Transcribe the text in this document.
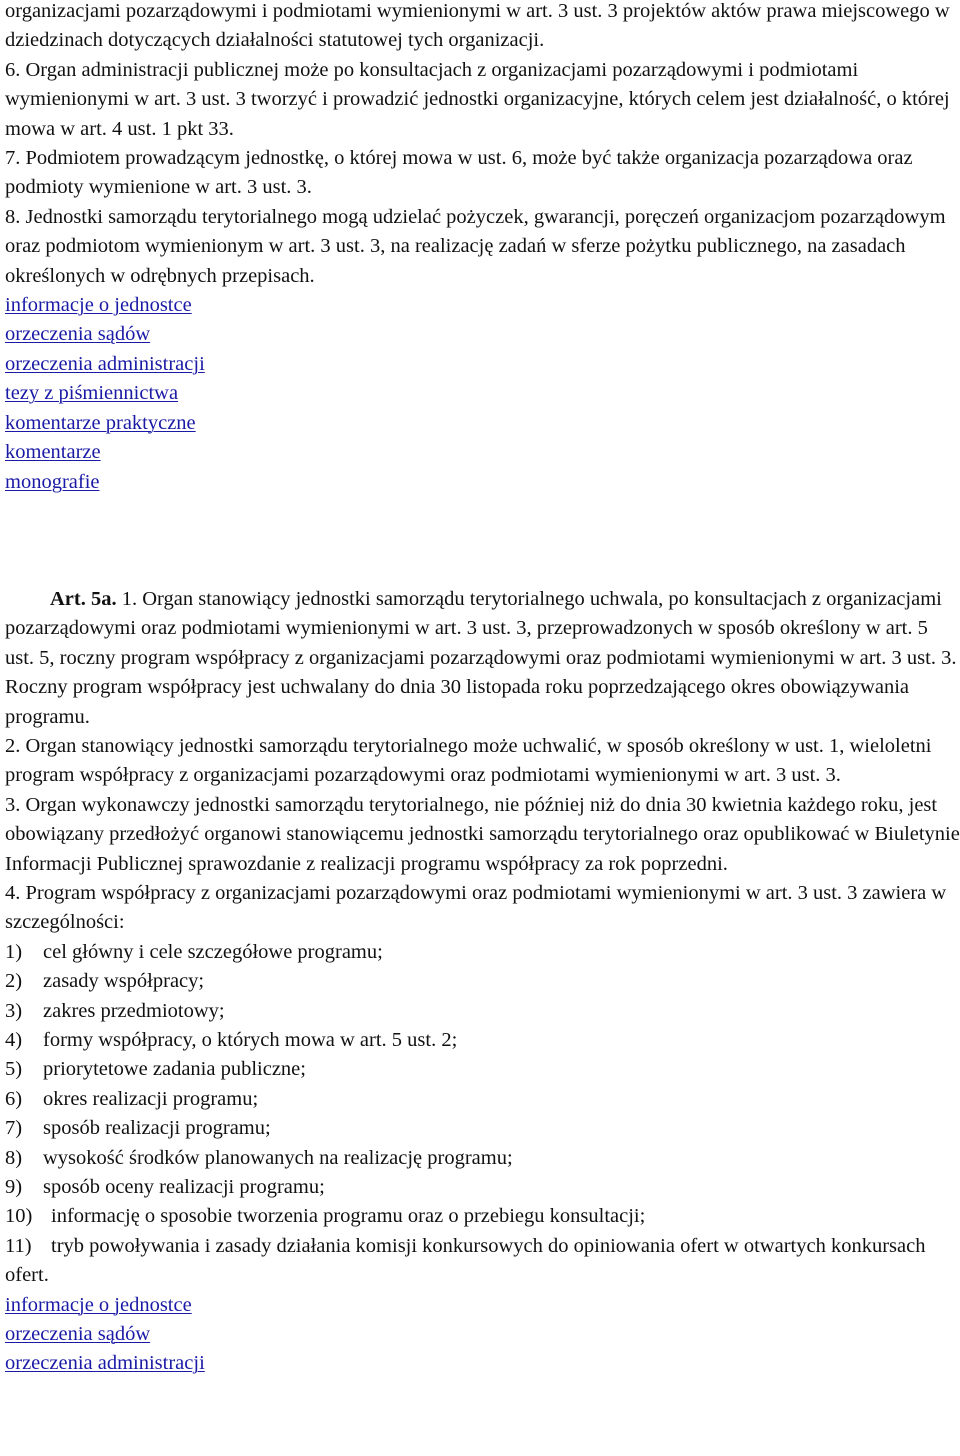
organizacjami pozarządowymi i podmiotami wymienionymi w art. 3 ust. 3 projektów aktów prawa miejscowego w dziedzinach dotyczących działalności statutowej tych organizacji.

6. Organ administracji publicznej może po konsultacjach z organizacjami pozarządowymi i podmiotami wymienionymi w art. 3 ust. 3 tworzyć i prowadzić jednostki organizacyjne, których celem jest działalność, o której mowa w art. 4 ust. 1 pkt 33.

7. Podmiotem prowadzącym jednostkę, o której mowa w ust. 6, może być także organizacja pozarządowa oraz podmioty wymienione w art. 3 ust. 3.

8. Jednostki samorządu terytorialnego mogą udzielać pożyczek, gwarancji, poręczeń organizacjom pozarządowym oraz podmiotom wymienionym w art. 3 ust. 3, na realizację zadań w sferze pożytku publicznego, na zasadach określonych w odrębnych przepisach.

informacje o jednostce
orzeczenia sądów
orzeczenia administracji
tezy z piśmiennictwa
komentarze praktyczne
komentarze
monografie

Art. 5a. 1. Organ stanowiący jednostki samorządu terytorialnego uchwala, po konsultacjach z organizacjami pozarządowymi oraz podmiotami wymienionymi w art. 3 ust. 3, przeprowadzonych w sposób określony w art. 5 ust. 5, roczny program współpracy z organizacjami pozarządowymi oraz podmiotami wymienionymi w art. 3 ust. 3. Roczny program współpracy jest uchwalany do dnia 30 listopada roku poprzedzającego okres obowiązywania programu.

2. Organ stanowiący jednostki samorządu terytorialnego może uchwalić, w sposób określony w ust. 1, wieloletni program współpracy z organizacjami pozarządowymi oraz podmiotami wymienionymi w art. 3 ust. 3.

3. Organ wykonawczy jednostki samorządu terytorialnego, nie później niż do dnia 30 kwietnia każdego roku, jest obowiązany przedłożyć organowi stanowiącemu jednostki samorządu terytorialnego oraz opublikować w Biuletynie Informacji Publicznej sprawozdanie z realizacji programu współpracy za rok poprzedni.

4. Program współpracy z organizacjami pozarządowymi oraz podmiotami wymienionymi w art. 3 ust. 3 zawiera w szczególności:

1) cel główny i cele szczegółowe programu;
2) zasady współpracy;
3) zakres przedmiotowy;
4) formy współpracy, o których mowa w art. 5 ust. 2;
5) priorytetowe zadania publiczne;
6) okres realizacji programu;
7) sposób realizacji programu;
8) wysokość środków planowanych na realizację programu;
9) sposób oceny realizacji programu;
10) informację o sposobie tworzenia programu oraz o przebiegu konsultacji;
11) tryb powoływania i zasady działania komisji konkursowych do opiniowania ofert w otwartych konkursach ofert.
informacje o jednostce
orzeczenia sądów
orzeczenia administracji
